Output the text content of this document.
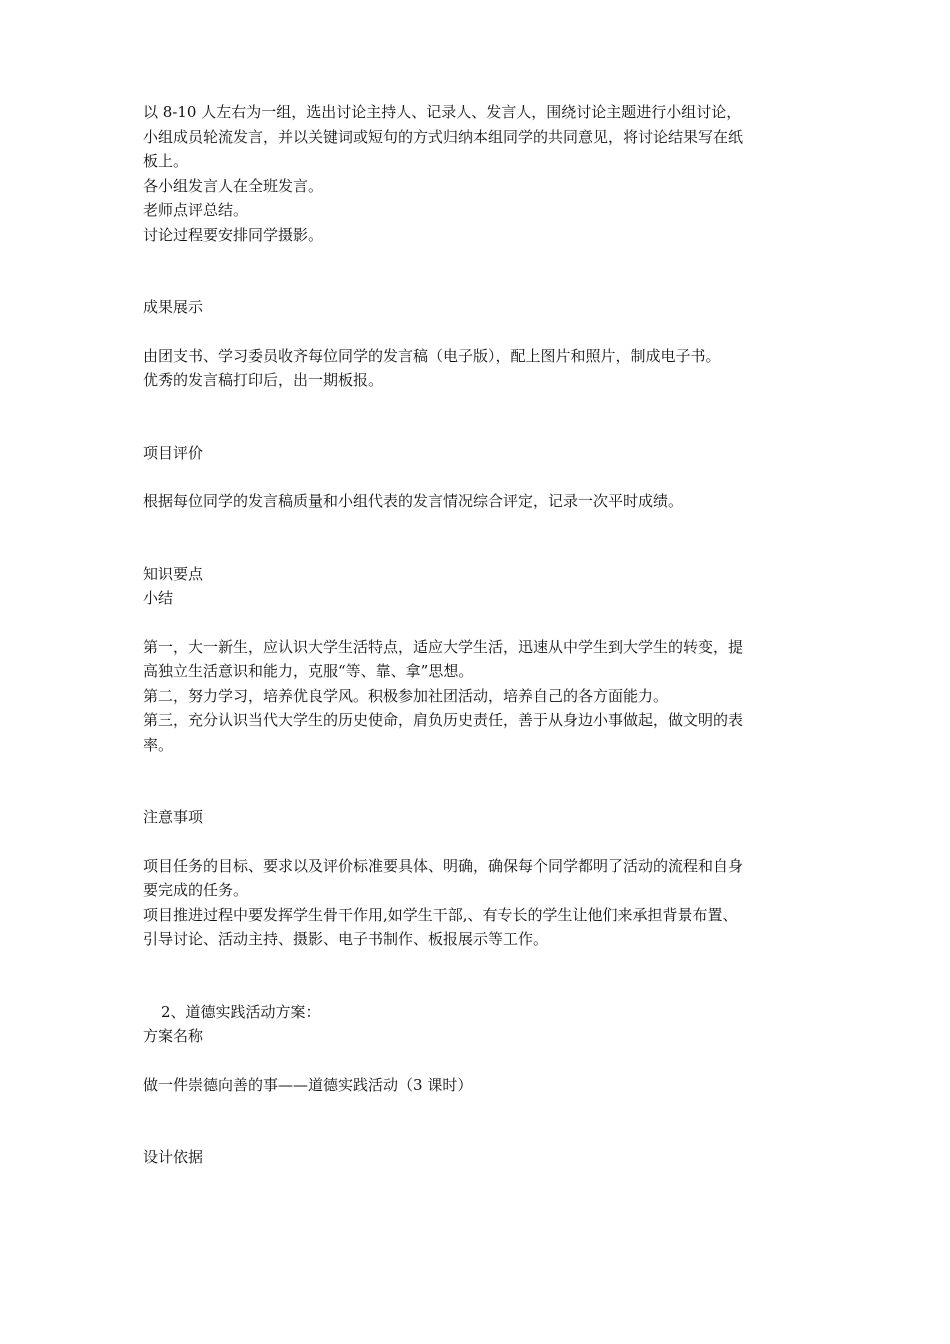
以 8-10 人左右为一组，选出讨论主持人、记录人、发言人，围绕讨论主题进行小组讨论，

小组成员轮流发言，并以关键词或短句的方式归纳本组同学的共同意见，将讨论结果写在纸

板上。

各小组发言人在全班发言。

老师点评总结。

讨论过程要安排同学摄影。

成果展示

由团支书、学习委员收齐每位同学的发言稿（电子版），配上图片和照片，制成电子书。

优秀的发言稿打印后，出一期板报。

项目评价

根据每位同学的发言稿质量和小组代表的发言情况综合评定，记录一次平时成绩。

知识要点

小结

第一，大一新生，应认识大学生活特点，适应大学生活，迅速从中学生到大学生的转变，提

高独立生活意识和能力，克服“等、靠、拿”思想。

第二，努力学习，培养优良学风。积极参加社团活动，培养自己的各方面能力。

第三，充分认识当代大学生的历史使命，肩负历史责任，善于从身边小事做起，做文明的表

率。

注意事项

项目任务的目标、要求以及评价标准要具体、明确，确保每个同学都明了活动的流程和自身

要完成的任务。

项目推进过程中要发挥学生骨干作用,如学生干部,、有专长的学生让他们来承担背景布置、

引导讨论、活动主持、摄影、电子书制作、板报展示等工作。

2、道德实践活动方案：

方案名称

做一件崇德向善的事——道德实践活动（3 课时）

设计依据
